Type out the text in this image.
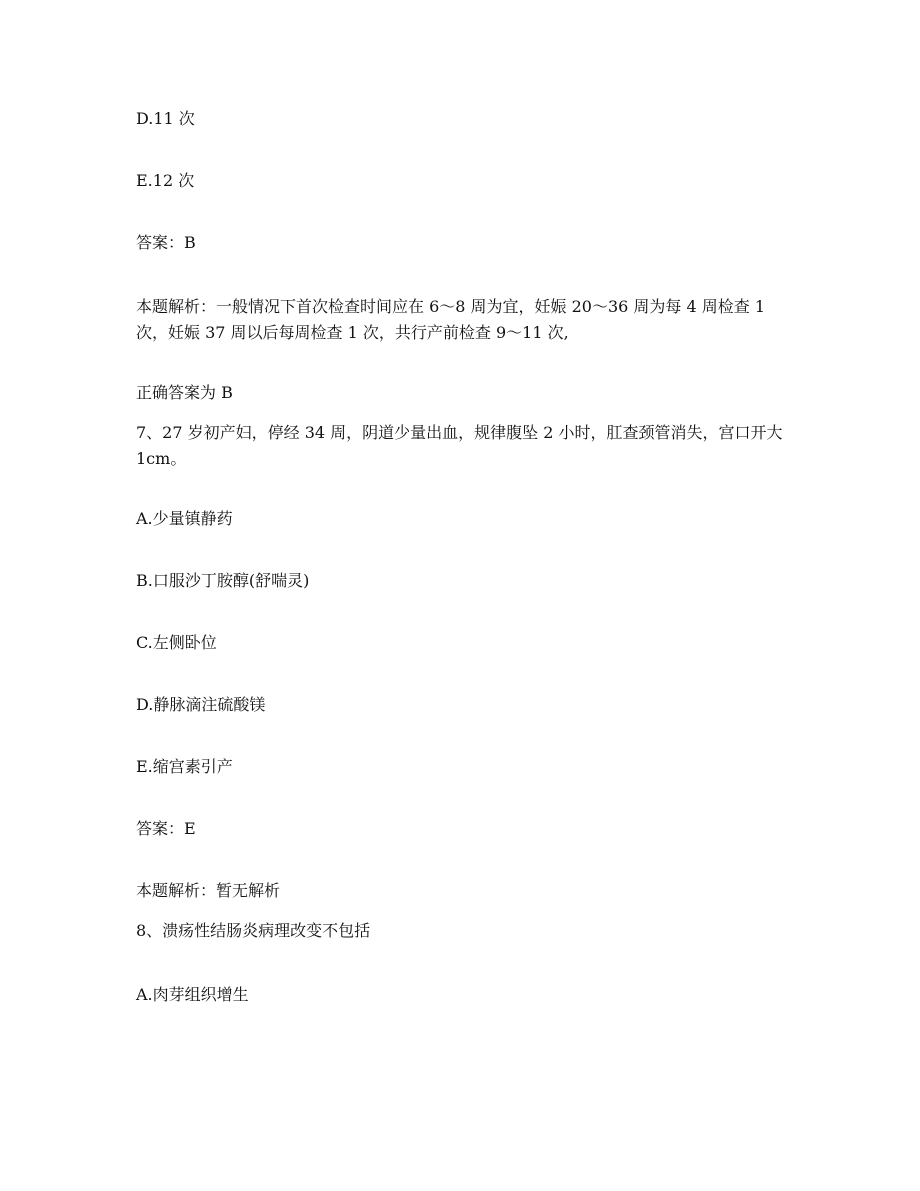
D.11 次
E.12 次
答案：B
本题解析：一般情况下首次检查时间应在 6～8 周为宜，妊娠 20～36 周为每 4 周检查 1 次，妊娠 37 周以后每周检查 1 次，共行产前检查 9～11 次,
正确答案为 B
7、27 岁初产妇，停经 34 周，阴道少量出血，规律腹坠 2 小时，肛查颈管消失，宫口开大 1cm。
A.少量镇静药
B.口服沙丁胺醇(舒喘灵)
C.左侧卧位
D.静脉滴注硫酸镁
E.缩宫素引产
答案：E
本题解析：暂无解析
8、溃疡性结肠炎病理改变不包括
A.肉芽组织增生
